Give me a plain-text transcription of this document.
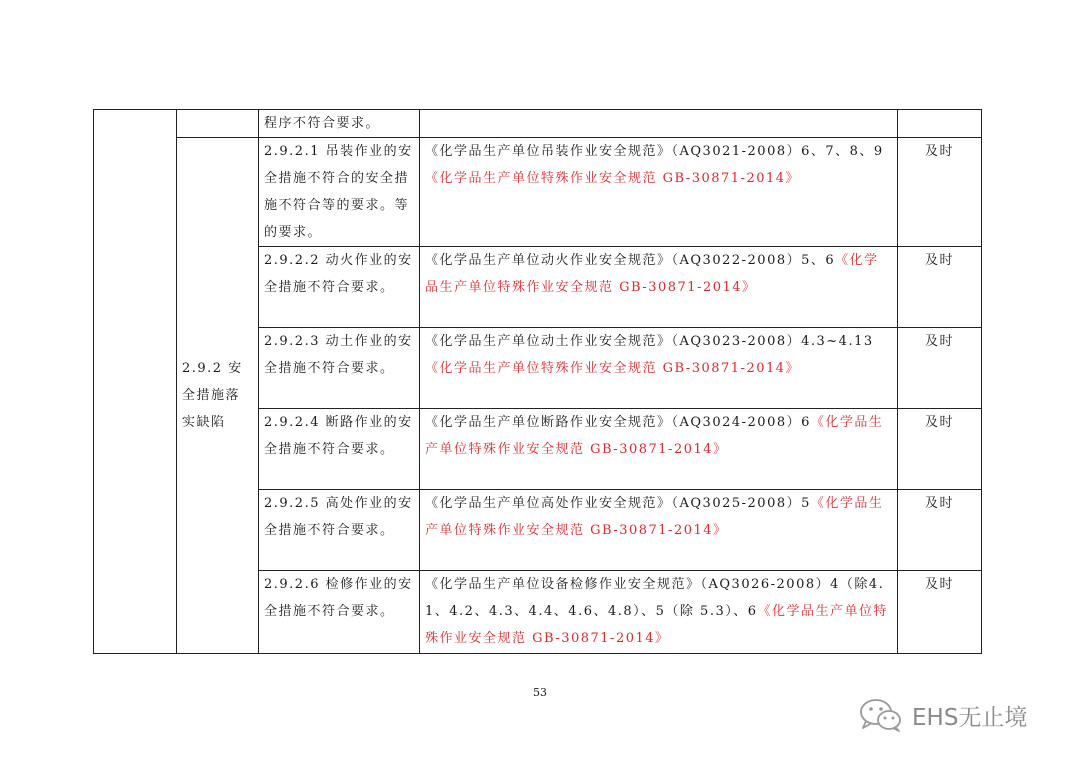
		程序不符合要求。		
	2.9.2 安全措施落实缺陷	2.9.2.1 吊装作业的安全措施不符合的安全措施不符合等的要求。等的要求。	《化学品生产单位吊装作业安全规范》（AQ3021-2008）6、7、8、9《化学品生产单位特殊作业安全规范 GB-30871-2014》	及时
		2.9.2.2 动火作业的安全措施不符合要求。	《化学品生产单位动火作业安全规范》（AQ3022-2008）5、6《化学品生产单位特殊作业安全规范 GB-30871-2014》	及时
		2.9.2.3 动土作业的安全措施不符合要求。	《化学品生产单位动土作业安全规范》（AQ3023-2008）4.3~4.13《化学品生产单位特殊作业安全规范 GB-30871-2014》	及时
		2.9.2.4 断路作业的安全措施不符合要求。	《化学品生产单位断路作业安全规范》（AQ3024-2008）6《化学品生产单位特殊作业安全规范 GB-30871-2014》	及时
		2.9.2.5 高处作业的安全措施不符合要求。	《化学品生产单位高处作业安全规范》（AQ3025-2008）5《化学品生产单位特殊作业安全规范 GB-30871-2014》	及时
		2.9.2.6 检修作业的安全措施不符合要求。	《化学品生产单位设备检修作业安全规范》（AQ3026-2008）4（除4.1、4.2、4.3、4.4、4.6、4.8）、5（除 5.3）、6《化学品生产单位特殊作业安全规范 GB-30871-2014》	及时
53
EHS无止境
